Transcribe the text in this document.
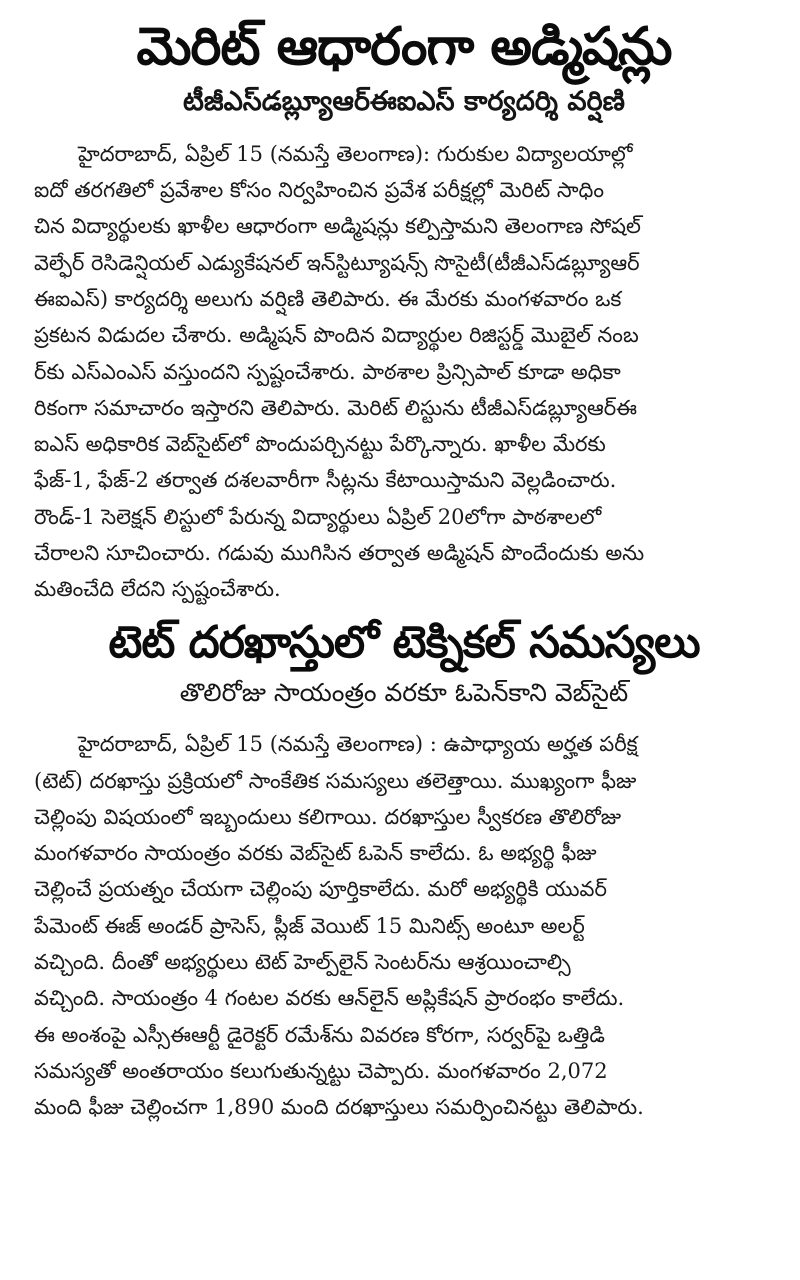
మెరిట్ ఆధారంగా అడ్మిషన్లు
టీజీఎస్‌డబ్ల్యూఆర్‌ఈఐఎస్ కార్యదర్శి వర్షిణి
హైదరాబాద్, ఏప్రిల్ 15 (నమస్తే తెలంగాణ): గురుకుల విద్యాలయాల్లో
ఐదో తరగతిలో ప్రవేశాల కోసం నిర్వహించిన ప్రవేశ పరీక్షల్లో మెరిట్ సాధిం
చిన విద్యార్థులకు ఖాళీల ఆధారంగా అడ్మిషన్లు కల్పిస్తామని తెలంగాణ సోషల్
వెల్ఫేర్ రెసిడెన్షియల్ ఎడ్యుకేషనల్ ఇన్‌స్టిట్యూషన్స్ సొసైటీ(టీజీఎస్‌డబ్ల్యూఆర్
ఈఐఎస్) కార్యదర్శి అలుగు వర్షిణి తెలిపారు. ఈ మేరకు మంగళవారం ఒక
ప్రకటన విడుదల చేశారు. అడ్మిషన్ పొందిన విద్యార్థుల రిజిస్టర్డ్ మొబైల్ నంబ
ర్‌కు ఎస్‌ఎంఎస్ వస్తుందని స్పష్టంచేశారు. పాఠశాల ప్రిన్సిపాల్ కూడా అధికా
రికంగా సమాచారం ఇస్తారని తెలిపారు. మెరిట్ లిస్టును టీజీఎస్‌డబ్ల్యూఆర్‌ఈ
ఐఎస్ అధికారిక వెబ్‌సైట్‌లో పొందుపర్చినట్టు పేర్కొన్నారు. ఖాళీల మేరకు
ఫేజ్-1, ఫేజ్-2 తర్వాత దశలవారీగా సీట్లను కేటాయిస్తామని వెల్లడించారు.
రౌండ్-1 సెలెక్షన్ లిస్టులో పేరున్న విద్యార్థులు ఏప్రిల్ 20లోగా పాఠశాలలో
చేరాలని సూచించారు. గడువు ముగిసిన తర్వాత అడ్మిషన్ పొందేందుకు అను
మతించేది లేదని స్పష్టంచేశారు.
టెట్ దరఖాస్తులో టెక్నికల్ సమస్యలు
తొలిరోజు సాయంత్రం వరకూ ఓపెన్‌కాని వెబ్‌సైట్
హైదరాబాద్, ఏప్రిల్ 15 (నమస్తే తెలంగాణ) : ఉపాధ్యాయ అర్హత పరీక్ష
(టెట్) దరఖాస్తు ప్రక్రియలో సాంకేతిక సమస్యలు తలెత్తాయి. ముఖ్యంగా ఫీజు
చెల్లింపు విషయంలో ఇబ్బందులు కలిగాయి. దరఖాస్తుల స్వీకరణ తొలిరోజు
మంగళవారం సాయంత్రం వరకు వెబ్‌సైట్ ఓపెన్ కాలేదు. ఓ అభ్యర్థి ఫీజు
చెల్లించే ప్రయత్నం చేయగా చెల్లింపు పూర్తికాలేదు. మరో అభ్యర్థికి యువర్
పేమెంట్ ఈజ్ అండర్ ప్రాసెస్, ప్లీజ్ వెయిట్ 15 మినిట్స్ అంటూ అలర్ట్
వచ్చింది. దీంతో అభ్యర్థులు టెట్ హెల్ప్‌లైన్ సెంటర్‌ను ఆశ్రయించాల్సి
వచ్చింది. సాయంత్రం 4 గంటల వరకు ఆన్‌లైన్ అప్లికేషన్ ప్రారంభం కాలేదు.
ఈ అంశంపై ఎస్సీఈఆర్టీ డైరెక్టర్ రమేశ్‌ను వివరణ కోరగా, సర్వర్‌పై ఒత్తిడి
సమస్యతో అంతరాయం కలుగుతున్నట్టు చెప్పారు. మంగళవారం 2,072
మంది ఫీజు చెల్లించగా 1,890 మంది దరఖాస్తులు సమర్పించినట్టు తెలిపారు.
